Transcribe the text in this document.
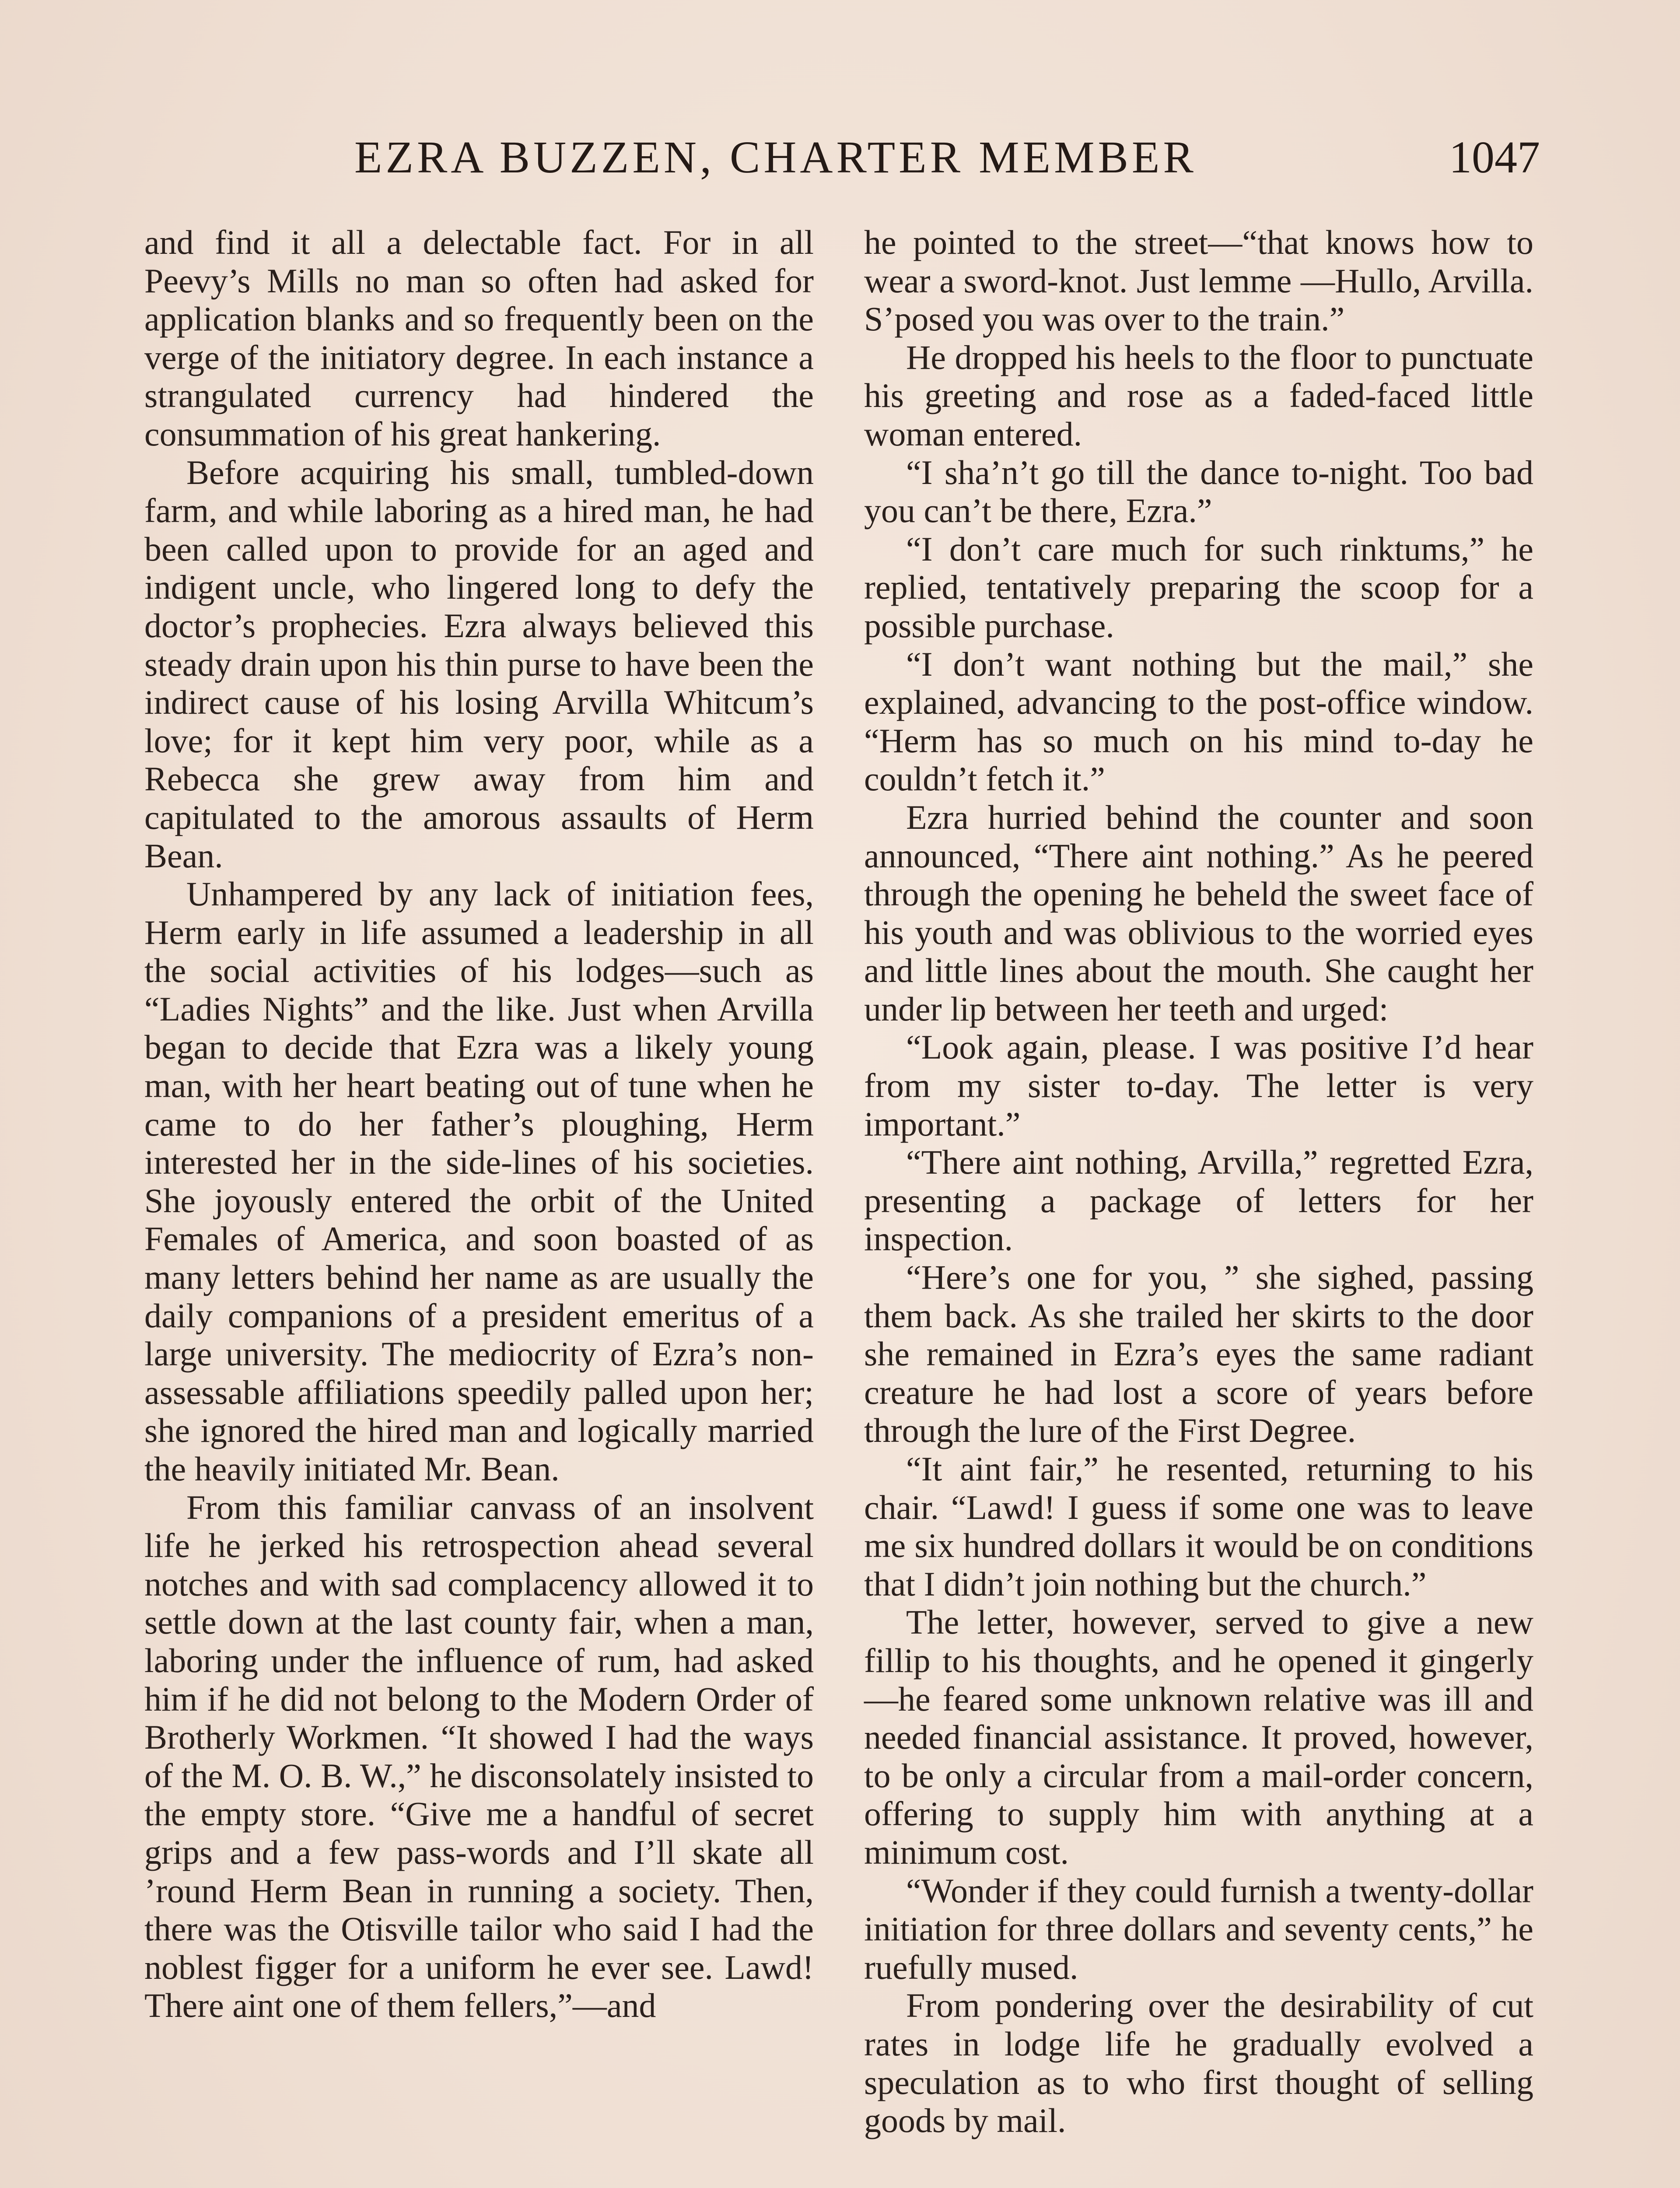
EZRA BUZZEN, CHARTER MEMBER	1047

and find it all a delectable fact. For in all Peevy’s Mills no man so often had asked for application blanks and so frequently been on the verge of the initiatory degree. In each instance a strangulated currency had hindered the consummation of his great hankering.

Before acquiring his small, tumbled-down farm, and while laboring as a hired man, he had been called upon to provide for an aged and indigent uncle, who lingered long to defy the doctor’s prophecies. Ezra always believed this steady drain upon his thin purse to have been the indirect cause of his losing Arvilla Whitcum’s love; for it kept him very poor, while as a Rebecca she grew away from him and capitulated to the amorous assaults of Herm Bean.

Unhampered by any lack of initiation fees, Herm early in life assumed a leadership in all the social activities of his lodges—such as “Ladies Nights” and the like. Just when Arvilla began to decide that Ezra was a likely young man, with her heart beating out of tune when he came to do her father’s ploughing, Herm interested her in the side-lines of his societies. She joyously entered the orbit of the United Females of America, and soon boasted of as many letters behind her name as are usually the daily companions of a president emeritus of a large university. The mediocrity of Ezra’s non-assessable affiliations speedily palled upon her; she ignored the hired man and logically married the heavily initiated Mr. Bean.

From this familiar canvass of an insolvent life he jerked his retrospection ahead several notches and with sad complacency allowed it to settle down at the last county fair, when a man, laboring under the influence of rum, had asked him if he did not belong to the Modern Order of Brotherly Workmen. “It showed I had the ways of the M. O. B. W.,” he disconsolately insisted to the empty store. “Give me a handful of secret grips and a few pass-words and I’ll skate all ’round Herm Bean in running a society. Then, there was the Otisville tailor who said I had the noblest figger for a uniform he ever see. Lawd! There aint one of them fellers,”—and

he pointed to the street—“that knows how to wear a sword-knot. Just lemme —Hullo, Arvilla. S’posed you was over to the train.”

He dropped his heels to the floor to punctuate his greeting and rose as a faded-faced little woman entered.

“I sha’n’t go till the dance to-night. Too bad you can’t be there, Ezra.”

“I don’t care much for such rinktums,” he replied, tentatively preparing the scoop for a possible purchase.

“I don’t want nothing but the mail,” she explained, advancing to the post-office window. “Herm has so much on his mind to-day he couldn’t fetch it.”

Ezra hurried behind the counter and soon announced, “There aint nothing.” As he peered through the opening he beheld the sweet face of his youth and was oblivious to the worried eyes and little lines about the mouth. She caught her under lip between her teeth and urged:

“Look again, please. I was positive I’d hear from my sister to-day. The letter is very important.”

“There aint nothing, Arvilla,” regretted Ezra, presenting a package of letters for her inspection.

“Here’s one for you, ” she sighed, passing them back. As she trailed her skirts to the door she remained in Ezra’s eyes the same radiant creature he had lost a score of years before through the lure of the First Degree.

“It aint fair,” he resented, returning to his chair. “Lawd! I guess if some one was to leave me six hundred dollars it would be on conditions that I didn’t join nothing but the church.”

The letter, however, served to give a new fillip to his thoughts, and he opened it gingerly—he feared some unknown relative was ill and needed financial assistance. It proved, however, to be only a circular from a mail-order concern, offering to supply him with anything at a minimum cost.

“Wonder if they could furnish a twenty-dollar initiation for three dollars and seventy cents,” he ruefully mused.

From pondering over the desirability of cut rates in lodge life he gradually evolved a speculation as to who first thought of selling goods by mail.
